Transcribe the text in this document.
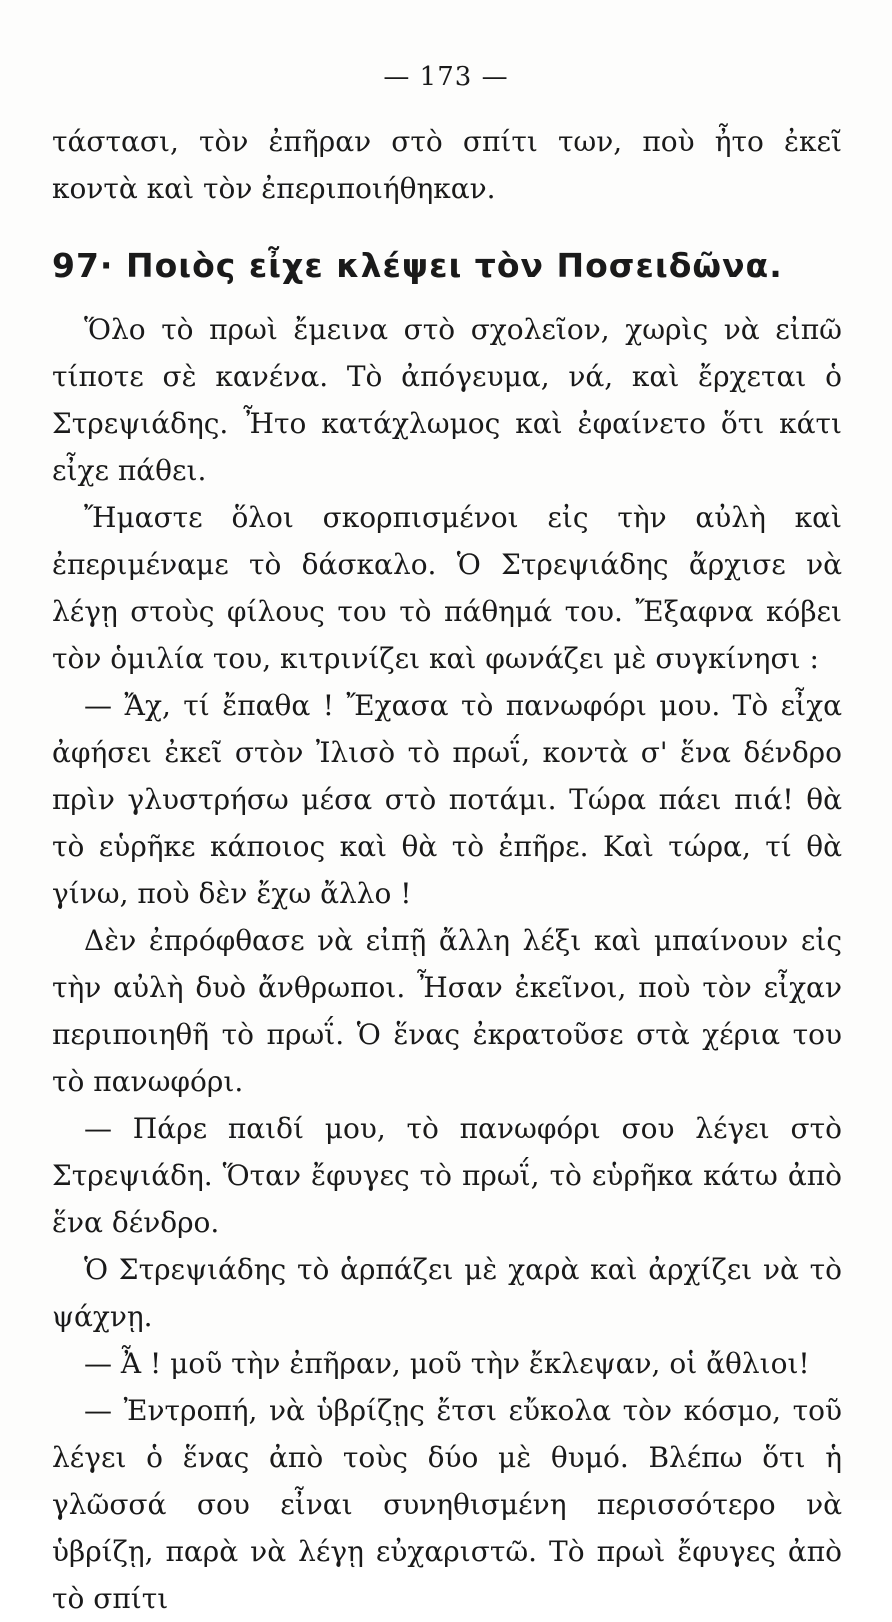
— 173 —

τάστασι, τὸν ἐπῆραν στὸ σπίτι των, ποὺ ἦτο ἐκεῖ κοντὰ καὶ τὸν ἐπεριποιήθηκαν.

97· Ποιὸς εἶχε κλέψει τὸν Ποσειδῶνα.

Ὅλο τὸ πρωὶ ἔμεινα στὸ σχολεῖον, χωρὶς νὰ εἰπῶ τίποτε σὲ κανένα. Τὸ ἀπόγευμα, νά, καὶ ἔρχεται ὁ Στρεψιάδης. Ἦτο κατάχλωμος καὶ ἐφαίνετο ὅτι κάτι εἶχε πάθει.

Ἤμαστε ὅλοι σκορπισμένοι εἰς τὴν αὐλὴ καὶ ἐπεριμέναμε τὸ δάσκαλο. Ὁ Στρεψιάδης ἄρχισε νὰ λέγῃ στοὺς φίλους του τὸ πάθημά του. Ἔξαφνα κόβει τὸν ὁμιλία του, κιτρινίζει καὶ φωνάζει μὲ συγκίνησι :

— Ἄχ, τί ἔπαθα ! Ἔχασα τὸ πανωφόρι μου. Τὸ εἶχα ἀφήσει ἐκεῖ στὸν Ἰλισὸ τὸ πρωΐ, κοντὰ σ' ἕνα δένδρο πρὶν γλυστρήσω μέσα στὸ ποτάμι. Τώρα πάει πιά! θὰ τὸ εὑρῆκε κάποιος καὶ θὰ τὸ ἐπῆρε. Καὶ τώρα, τί θὰ γίνω, ποὺ δὲν ἔχω ἄλλο !

Δὲν ἐπρόφθασε νὰ εἰπῇ ἄλλη λέξι καὶ μπαίνουν εἰς τὴν αὐλὴ δυὸ ἄνθρωποι. Ἦσαν ἐκεῖνοι, ποὺ τὸν εἶχαν περιποιηθῆ τὸ πρωΐ. Ὁ ἕνας ἐκρατοῦσε στὰ χέρια του τὸ πανωφόρι.

— Πάρε παιδί μου, τὸ πανωφόρι σου λέγει στὸ Στρεψιάδη. Ὅταν ἔφυγες τὸ πρωΐ, τὸ εὑρῆκα κάτω ἀπὸ ἕνα δένδρο.

Ὁ Στρεψιάδης τὸ ἁρπάζει μὲ χαρὰ καὶ ἀρχίζει νὰ τὸ ψάχνῃ.

— Ἆ ! μοῦ τὴν ἐπῆραν, μοῦ τὴν ἔκλεψαν, οἱ ἄθλιοι!

— Ἐντροπή, νὰ ὑβρίζῃς ἔτσι εὔκολα τὸν κόσμο, τοῦ λέγει ὁ ἕνας ἀπὸ τοὺς δύο μὲ θυμό. Βλέπω ὅτι ἡ γλῶσσά σου εἶναι συνηθισμένη περισσότερο νὰ ὑβρίζῃ, παρὰ νὰ λέγῃ εὐχαριστῶ. Τὸ πρωὶ ἔφυγες ἀπὸ τὸ σπίτι
